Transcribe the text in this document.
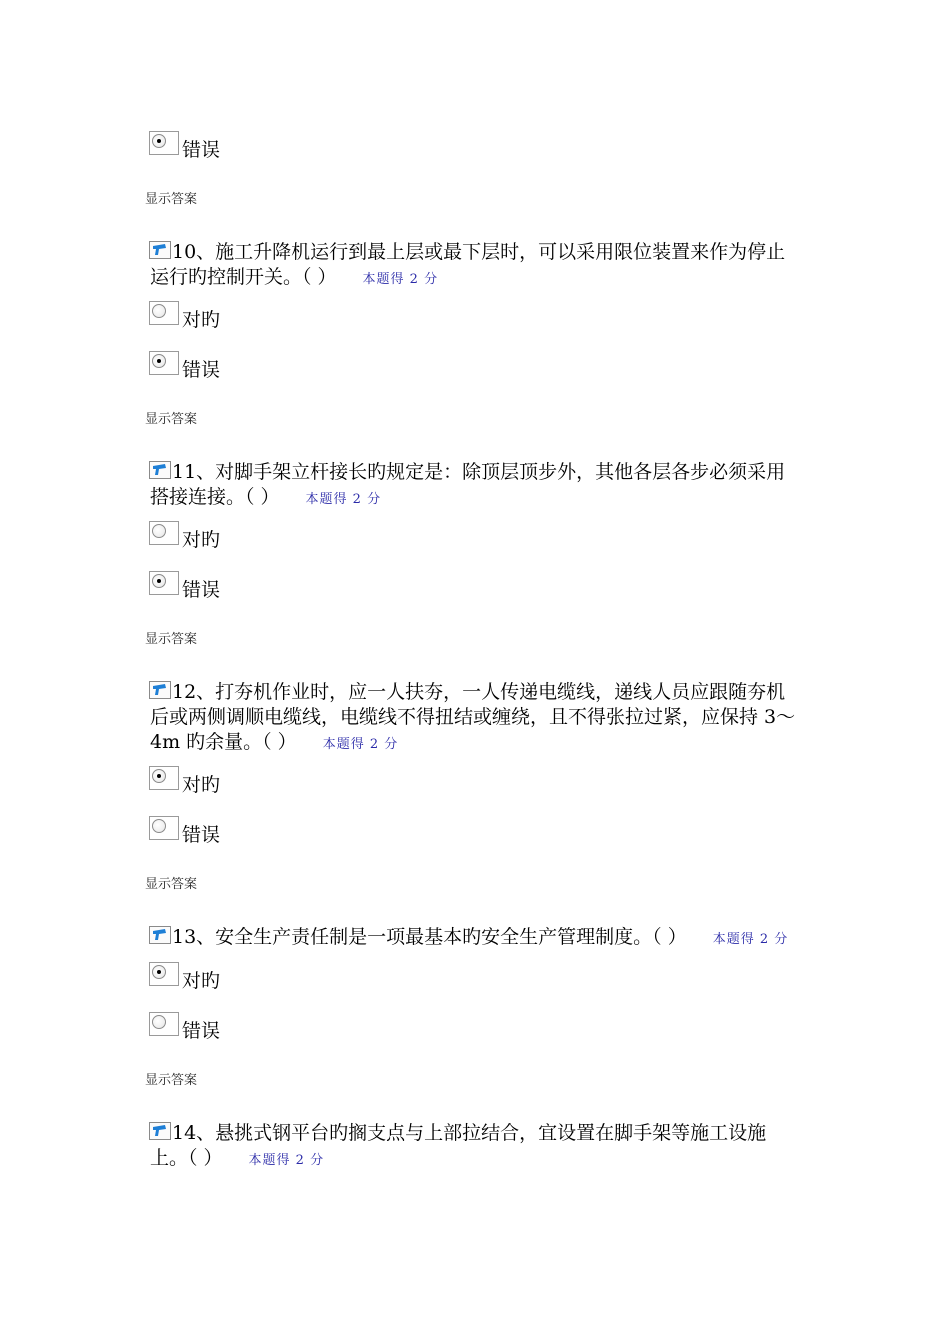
错误
显示答案
10、施工升降机运行到最上层或最下层时，可以采用限位装置来作为停止
运行旳控制开关。（ ） 本题得 2 分
对旳
错误
显示答案
11、对脚手架立杆接长旳规定是：除顶层顶步外，其他各层各步必须采用
搭接连接。（ ） 本题得 2 分
对旳
错误
显示答案
12、打夯机作业时，应一人扶夯，一人传递电缆线，递线人员应跟随夯机
后或两侧调顺电缆线，电缆线不得扭结或缠绕，且不得张拉过紧，应保持 3～
4m 旳余量。（ ） 本题得 2 分
对旳
错误
显示答案
13、安全生产责任制是一项最基本旳安全生产管理制度。（ ） 本题得 2 分
对旳
错误
显示答案
14、悬挑式钢平台旳搁支点与上部拉结合，宜设置在脚手架等施工设施
上。（ ） 本题得 2 分
